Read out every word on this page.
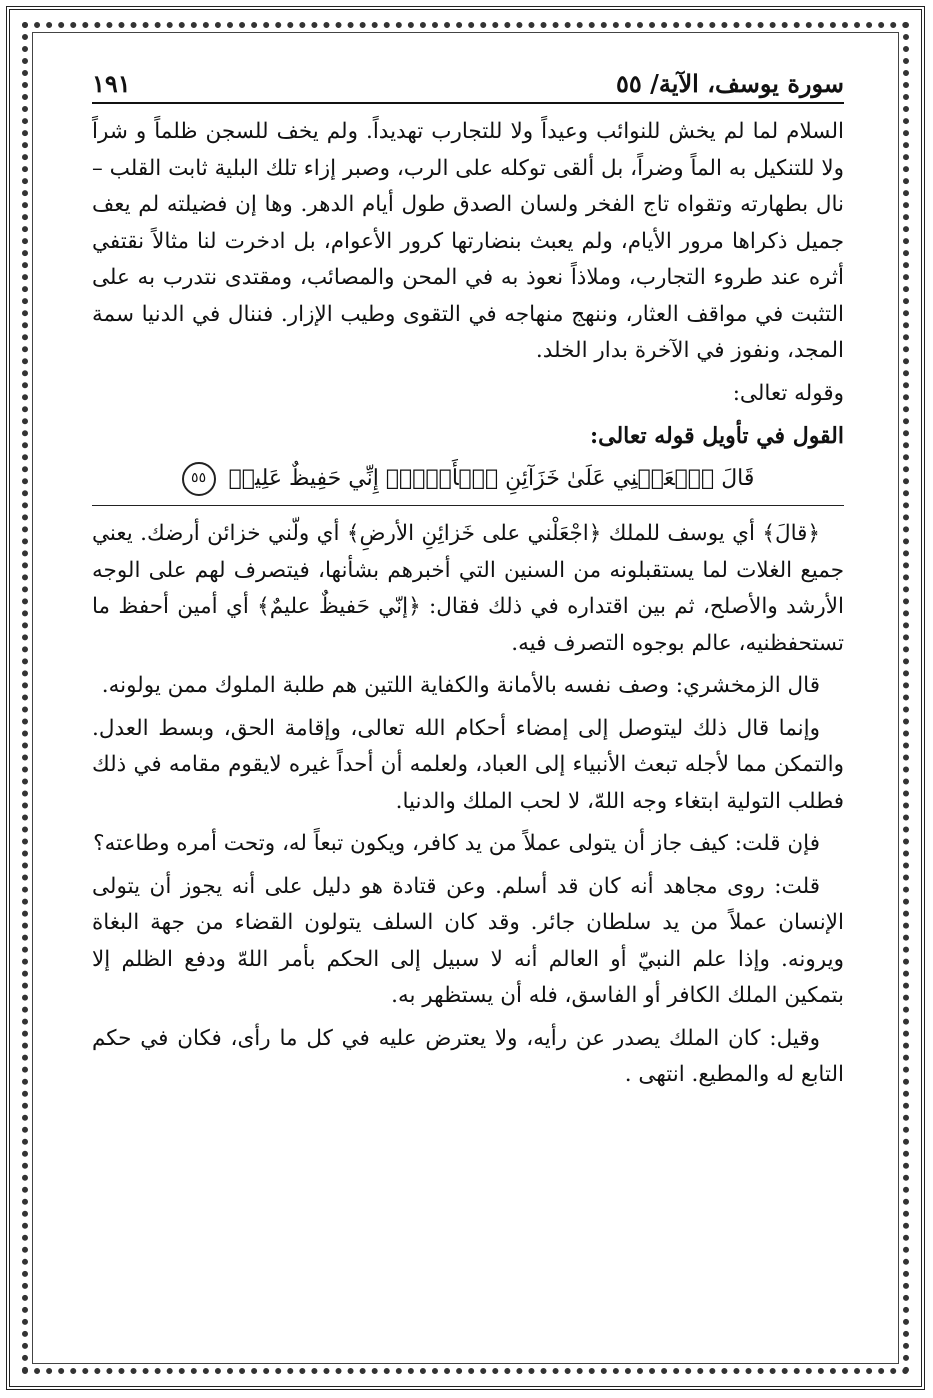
سورة يوسف، الآية/ ٥٥
١٩١

السلام لما لم يخش للنوائب وعيداً ولا للتجارب تهديداً. ولم يخف للسجن ظلماً و شراً ولا للتنكيل به الماً وضراً، بل ألقى توكله على الرب، وصبر إزاء تلك البلية ثابت القلب – نال بطهارته وتقواه تاج الفخر ولسان الصدق طول أيام الدهر. وها إن فضيلته لم يعف جميل ذكراها مرور الأيام، ولم يعبث بنضارتها كرور الأعوام، بل ادخرت لنا مثالاً نقتفي أثره عند طروء التجارب، وملاذاً نعوذ به في المحن والمصائب، ومقتدى نتدرب به على التثبت في مواقف العثار، وننهج منهاجه في التقوى وطيب الإزار. فننال في الدنيا سمة المجد، ونفوز في الآخرة بدار الخلد.

وقوله تعالى:

القول في تأويل قوله تعالى:

قَالَ ٱجۡعَلۡنِي عَلَىٰ خَزَآئِنِ ٱلۡأَرۡضِۖ إِنِّي حَفِيظٌ عَلِيمٞ ٥٥

﴿قالَ﴾ أي يوسف للملك ﴿اجْعَلْني على خَزائِنِ الأرضِ﴾ أي ولّني خزائن أرضك. يعني جميع الغلات لما يستقبلونه من السنين التي أخبرهم بشأنها، فيتصرف لهم على الوجه الأرشد والأصلح، ثم بين اقتداره في ذلك فقال: ﴿إنّي حَفيظٌ عليمٌ﴾ أي أمين أحفظ ما تستحفظنيه، عالم بوجوه التصرف فيه.

قال الزمخشري: وصف نفسه بالأمانة والكفاية اللتين هم طلبة الملوك ممن يولونه.

وإنما قال ذلك ليتوصل إلى إمضاء أحكام الله تعالى، وإقامة الحق، وبسط العدل. والتمكن مما لأجله تبعث الأنبياء إلى العباد، ولعلمه أن أحداً غيره لايقوم مقامه في ذلك فطلب التولية ابتغاء وجه اللهّ، لا لحب الملك والدنيا.

فإن قلت: كيف جاز أن يتولى عملاً من يد كافر، ويكون تبعاً له، وتحت أمره وطاعته؟

قلت: روى مجاهد أنه كان قد أسلم. وعن قتادة هو دليل على أنه يجوز أن يتولى الإنسان عملاً من يد سلطان جائر. وقد كان السلف يتولون القضاء من جهة البغاة ويرونه. وإذا علم النبيّ أو العالم أنه لا سبيل إلى الحكم بأمر اللهّ ودفع الظلم إلا بتمكين الملك الكافر أو الفاسق، فله أن يستظهر به.

وقيل: كان الملك يصدر عن رأيه، ولا يعترض عليه في كل ما رأى، فكان في حكم التابع له والمطيع. انتهى .
